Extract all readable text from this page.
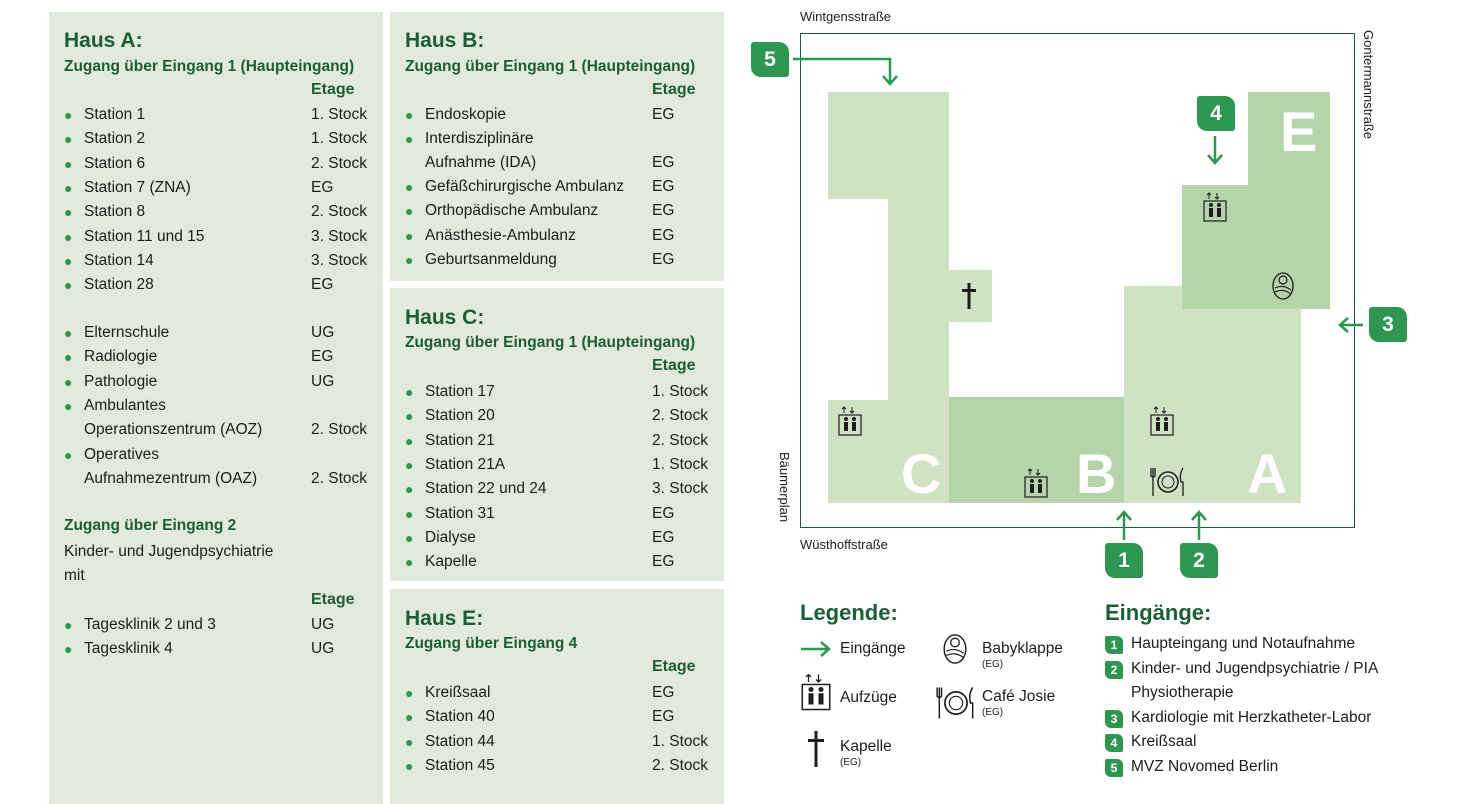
Haus A:
Zugang über Eingang 1 (Haupteingang)
Etage
● Station 1	1. Stock
● Station 2	1. Stock
● Station 6	2. Stock
● Station 7 (ZNA)	EG
● Station 8	2. Stock
● Station 11 und 15	3. Stock
● Station 14	3. Stock
● Station 28	EG
● Elternschule	UG
● Radiologie	EG
● Pathologie	UG
● Ambulantes
Operationszentrum (AOZ)	2. Stock
● Operatives
Aufnahmezentrum (OAZ)	2. Stock
Zugang über Eingang 2
Kinder- und Jugendpsychiatrie
mit
Etage
● Tagesklinik 2 und 3	UG
● Tagesklinik 4	UG
Haus B:
Zugang über Eingang 1 (Haupteingang)
Etage
● Endoskopie	EG
● Interdisziplinäre
Aufnahme (IDA)	EG
● Gefäßchirurgische Ambulanz EG
● Orthopädische Ambulanz	EG
● Anästhesie-Ambulanz	EG
● Geburtsanmeldung	EG
Haus C:
Zugang über Eingang 1 (Haupteingang)
Etage
● Station 17	1. Stock
● Station 20	2. Stock
● Station 21	2. Stock
● Station 21A	1. Stock
● Station 22 und 24	3. Stock
● Station 31	EG
● Dialyse	EG
● Kapelle	EG
Haus E:
Zugang über Eingang 4
Etage
● Kreißsaal	EG
● Station 40	EG
● Station 44	1. Stock
● Station 45	2. Stock
C B A
E
Wintgensstraße
Wüsthoffstraße
Gontermannstraße
Bäumerplan
5
4
3
1	2
Legende:
Eingänge
Aufzüge
Kapelle
(EG)
Babyklappe
(EG)
Café Josie
(EG)
Eingänge:
1 Haupteingang und Notaufnahme
2 Kinder- und Jugendpsychiatrie / PIA
Physiotherapie
3 Kardiologie mit Herzkatheter-Labor
4 Kreißsaal
5 MVZ Novomed Berlin
